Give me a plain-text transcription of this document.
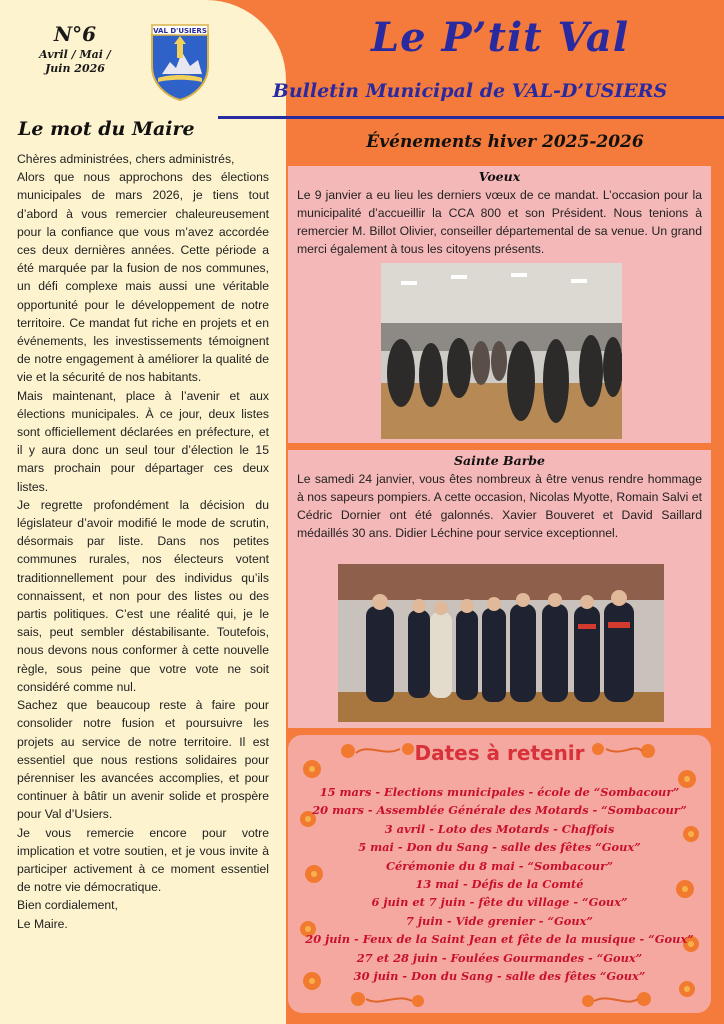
N°6
Avril / Mai / Juin 2026
VAL D'USIERS
Le mot du Maire

Chères administrées, chers administrés,

Alors que nous approchons des élections municipales de mars 2026, je tiens tout d’abord à vous remercier chaleureusement pour la confiance que vous m’avez accordée ces deux dernières années. Cette période a été marquée par la fusion de nos communes, un défi complexe mais aussi une véritable opportunité pour le développement de notre territoire. Ce mandat fut riche en projets et en événements, les investissements témoignent de notre engagement à améliorer la qualité de vie et la sécurité de nos habitants.

Mais maintenant, place à l’avenir et aux élections municipales. À ce jour, deux listes sont officiellement déclarées en préfecture, et il y aura donc un seul tour d’élection le 15 mars prochain pour départager ces deux listes.

Je regrette profondément la décision du législateur d’avoir modifié le mode de scrutin, désormais par liste. Dans nos petites communes rurales, nos électeurs votent traditionnellement pour des individus qu’ils connaissent, et non pour des listes ou des partis politiques. C’est une réalité qui, je le sais, peut sembler déstabilisante. Toutefois, nous devons nous conformer à cette nouvelle règle, sous peine que votre vote ne soit considéré comme nul.

Sachez que beaucoup reste à faire pour consolider notre fusion et poursuivre les projets au service de notre territoire. Il est essentiel que nous restions solidaires pour pérenniser les avancées accomplies, et pour continuer à bâtir un avenir solide et prospère pour Val d’Usiers.

Je vous remercie encore pour votre implication et votre soutien, et je vous invite à participer activement à ce moment essentiel de notre vie démocratique.

Bien cordialement,

Le Maire.

Le P’tit Val
Bulletin Municipal de VAL-D’USIERS
Événements hiver 2025-2026
Voeux
Le 9 janvier a eu lieu les derniers vœux de ce mandat. L’occasion pour la municipalité d’accueillir la CCA 800 et son Président. Nous tenions à remercier M. Billot Olivier, conseiller départemental de sa venue. Un grand merci également à tous les citoyens présents.
Sainte Barbe
Le samedi 24 janvier, vous êtes nombreux à être venus rendre hommage à nos sapeurs pompiers. A cette occasion, Nicolas Myotte, Romain Salvi et Cédric Dornier ont été galonnés. Xavier Bouveret et David Saillard médaillés 30 ans. Didier Léchine pour service exceptionnel.
Dates à retenir
15 mars - Elections municipales - école de “Sombacour”
20 mars - Assemblée Générale des Motards - “Sombacour”
3 avril - Loto des Motards - Chaffois
5 mai - Don du Sang - salle des fêtes “Goux”
Cérémonie du 8 mai - “Sombacour”
13 mai - Défis de la Comté
6 juin et 7 juin - fête du village - “Goux”
7 juin - Vide grenier - “Goux”
20 juin - Feux de la Saint Jean et fête de la musique - “Goux”
27 et 28 juin - Foulées Gourmandes - “Goux”
30 juin - Don du Sang - salle des fêtes “Goux”
